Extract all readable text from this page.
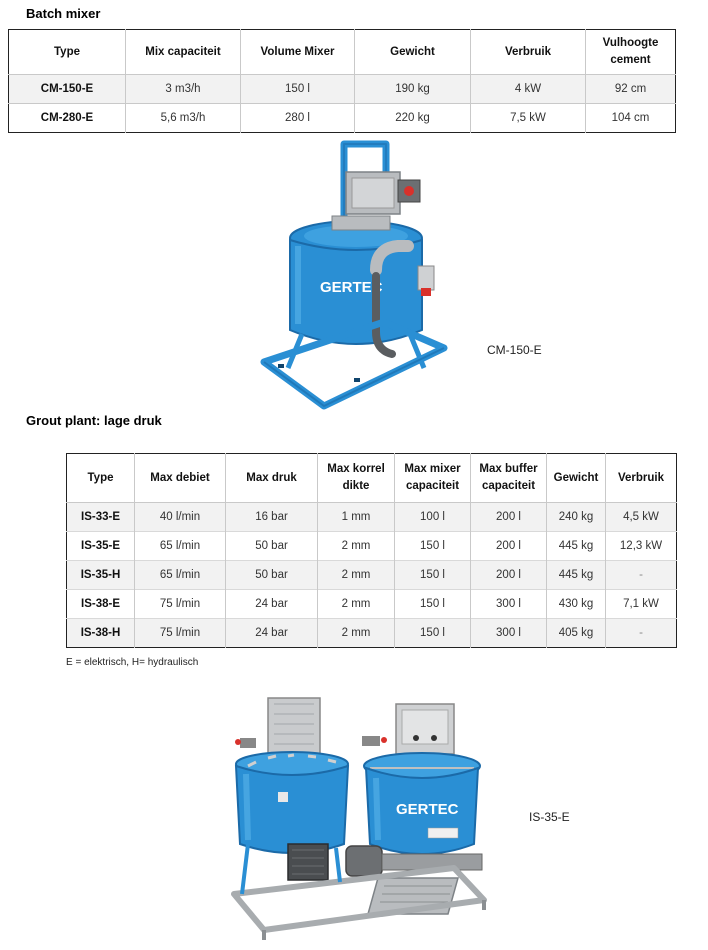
Batch mixer
Type	Mix capaciteit	Volume Mixer	Gewicht	Verbruik	Vulhoogte cement
CM-150-E	3 m3/h	150 l	190 kg	4 kW	92 cm
CM-280-E	5,6 m3/h	280 l	220 kg	7,5 kW	104 cm
GERTEC
CM-150-E
Grout plant: lage druk
Type	Max debiet	Max druk	Max korrel dikte	Max mixer capaciteit	Max buffer capaciteit	Gewicht	Verbruik
IS-33-E	40 l/min	16 bar	1 mm	100 l	200 l	240 kg	4,5 kW
IS-35-E	65 l/min	50 bar	2 mm	150 l	200 l	445 kg	12,3 kW
IS-35-H	65 l/min	50 bar	2 mm	150 l	200 l	445 kg	-
IS-38-E	75 l/min	24 bar	2 mm	150 l	300 l	430 kg	7,1 kW
IS-38-H	75 l/min	24 bar	2 mm	150 l	300 l	405 kg	-
E = elektrisch, H= hydraulisch
GERTEC	IS-35-E
